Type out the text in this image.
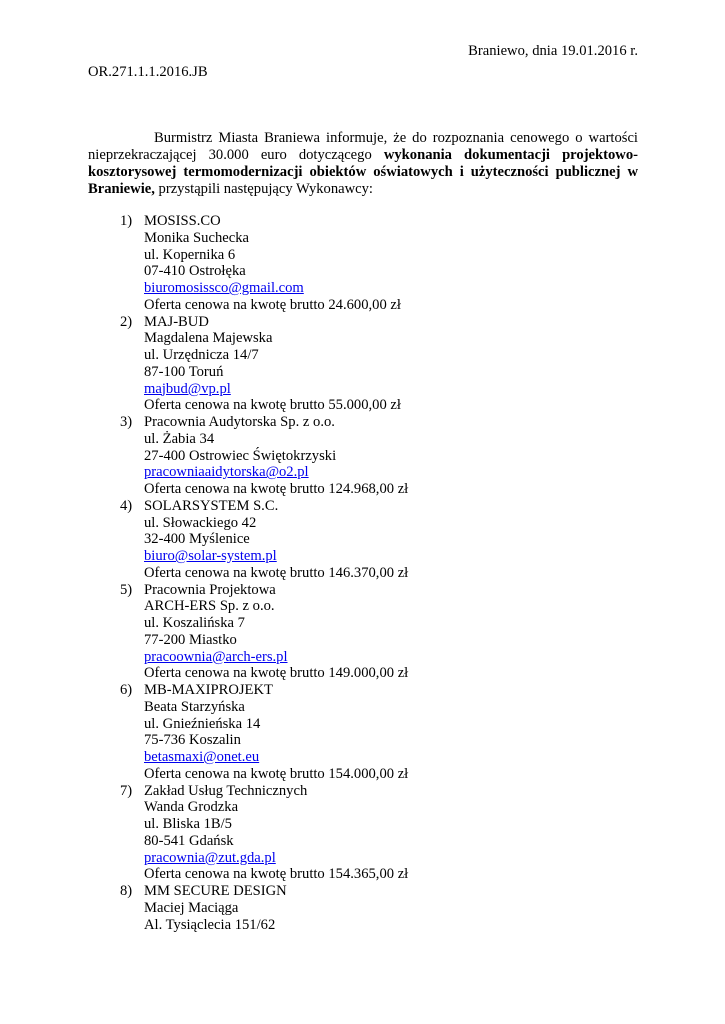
Braniewo, dnia 19.01.2016 r.
OR.271.1.1.2016.JB

Burmistrz Miasta Braniewa informuje, że do rozpoznania cenowego o wartości nieprzekraczającej 30.000 euro dotyczącego wykonania dokumentacji projektowo-kosztorysowej termomodernizacji obiektów oświatowych i użyteczności publicznej w Braniewie, przystąpili następujący Wykonawcy:

1) MOSISS.CO
Monika Suchecka
ul. Kopernika 6
07-410 Ostrołęka
biuromosissco@gmail.com
Oferta cenowa na kwotę brutto 24.600,00 zł
2) MAJ-BUD
Magdalena Majewska
ul. Urzędnicza 14/7
87-100 Toruń
majbud@vp.pl
Oferta cenowa na kwotę brutto 55.000,00 zł
3) Pracownia Audytorska Sp. z o.o.
ul. Żabia 34
27-400 Ostrowiec Świętokrzyski
pracowniaaidytorska@o2.pl
Oferta cenowa na kwotę brutto 124.968,00 zł
4) SOLARSYSTEM S.C.
ul. Słowackiego 42
32-400 Myślenice
biuro@solar-system.pl
Oferta cenowa na kwotę brutto 146.370,00 zł
5) Pracownia Projektowa
ARCH-ERS Sp. z o.o.
ul. Koszalińska 7
77-200 Miastko
pracoownia@arch-ers.pl
Oferta cenowa na kwotę brutto 149.000,00 zł
6) MB-MAXIPROJEKT
Beata Starzyńska
ul. Gnieźnieńska 14
75-736 Koszalin
betasmaxi@onet.eu
Oferta cenowa na kwotę brutto 154.000,00 zł
7) Zakład Usług Technicznych
Wanda Grodzka
ul. Bliska 1B/5
80-541 Gdańsk
pracownia@zut.gda.pl
Oferta cenowa na kwotę brutto 154.365,00 zł
8) MM SECURE DESIGN
Maciej Maciąga
Al. Tysiąclecia 151/62
